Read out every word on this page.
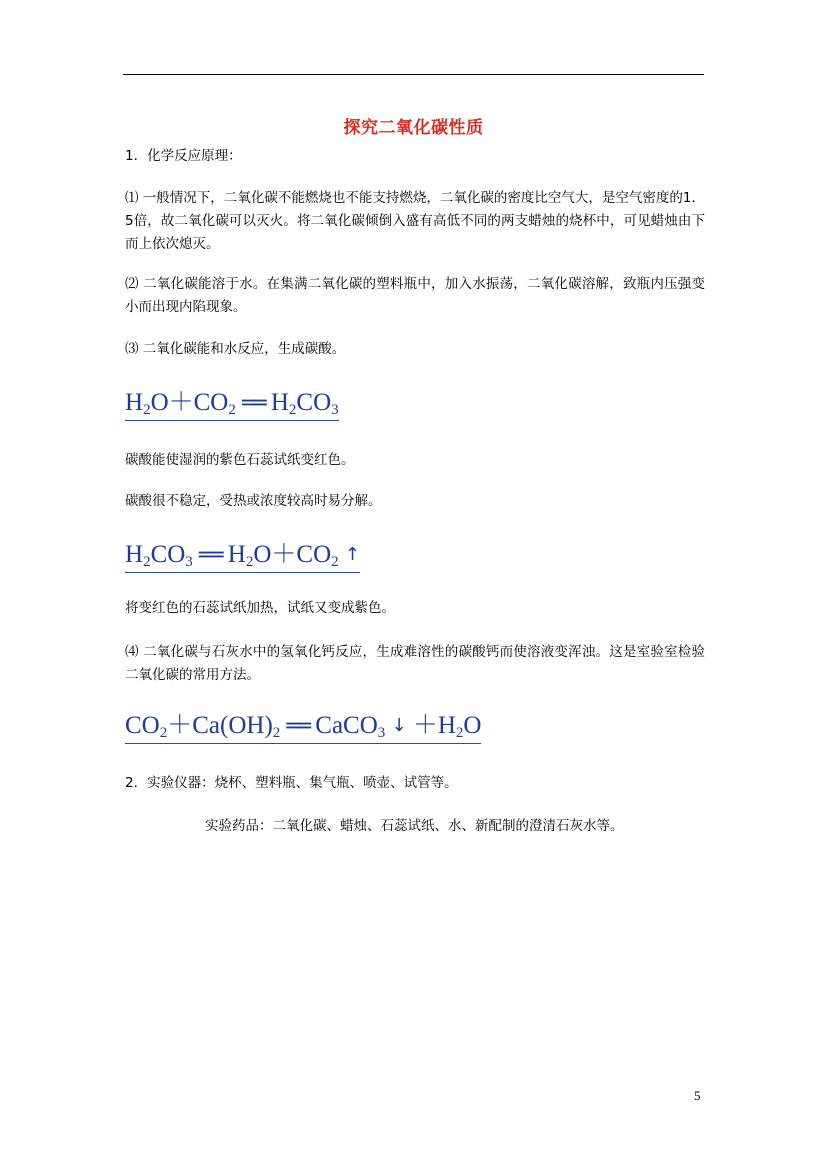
探究二氧化碳性质
1．化学反应原理：
⑴ 一般情况下，二氧化碳不能燃烧也不能支持燃烧，二氧化碳的密度比空气大，是空气密度的1．5倍，故二氧化碳可以灭火。将二氧化碳倾倒入盛有高低不同的两支蜡烛的烧杯中，可见蜡烛由下而上依次熄灭。
⑵ 二氧化碳能溶于水。在集满二氧化碳的塑料瓶中，加入水振荡，二氧化碳溶解，致瓶内压强变小而出现内陷现象。
⑶ 二氧化碳能和水反应，生成碳酸。
$H_2O+CO_2$ ══ $H_2CO_3$
碳酸能使湿润的紫色石蕊试纸变红色。
碳酸很不稳定，受热或浓度较高时易分解。
$H_2CO_3$ ══ $H_2O+CO_2$ ↑
将变红色的石蕊试纸加热，试纸又变成紫色。
⑷ 二氧化碳与石灰水中的氢氧化钙反应，生成难溶性的碳酸钙而使溶液变浑浊。这是室验室检验二氧化碳的常用方法。
$CO_2+Ca(OH)_2$ ══ CaCO$_3$ ↓ $+H_2O$
2．实验仪器：烧杯、塑料瓶、集气瓶、喷壶、试管等。
实验药品：二氧化碳、蜡烛、石蕊试纸、水、新配制的澄清石灰水等。
5
